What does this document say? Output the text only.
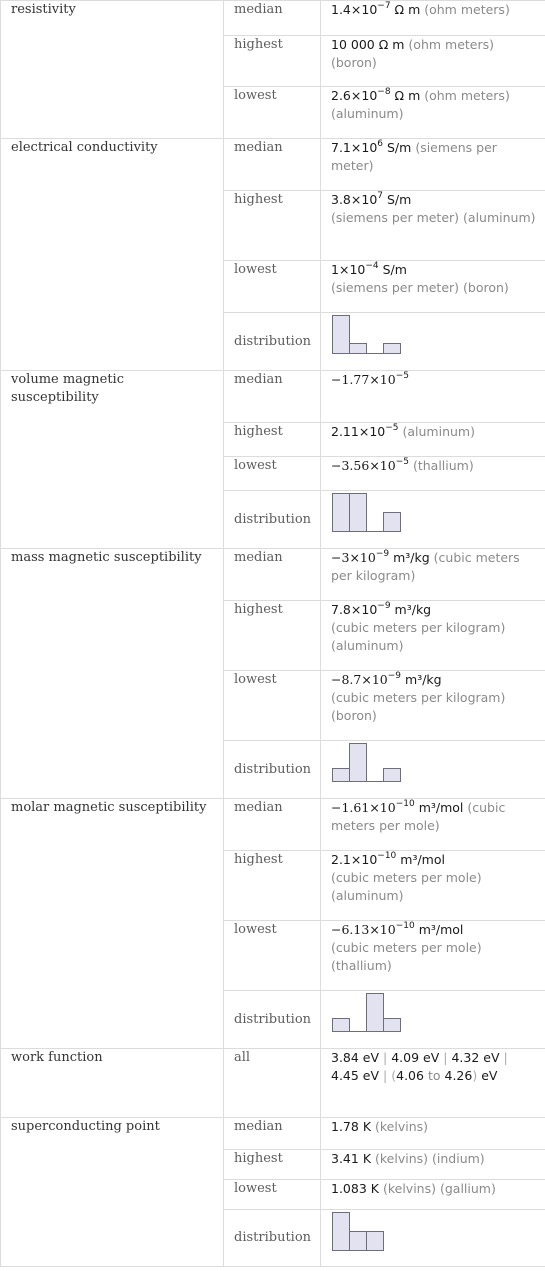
resistivity	median	$1.4\times 10^{-7}$ Ω m (ohm meters)
	highest	10 000 Ω m (ohm meters) (boron)
	lowest	$2.6\times 10^{-8}$ Ω m (ohm meters) (aluminum)
electrical conductivity	median	$7.1\times 10^6$ S/m (siemens per meter)
	highest	$3.8\times 10^7$ S/m
(siemens per meter) (aluminum)
	lowest	$1\times 10^{-4}$ S/m
(siemens per meter) (boron)
	distribution	

volume magnetic susceptibility	median	$-1.77\times 10^{-5}$
	highest	$2.11\times 10^{-5}$ (aluminum)
	lowest	$-3.56\times 10^{-5}$ (thallium)
	distribution	

mass magnetic susceptibility	median	$-3\times 10^{-9}$ m³/kg (cubic meters per kilogram)
	highest	$7.8\times 10^{-9}$ m³/kg
(cubic meters per kilogram) (aluminum)
	lowest	$-8.7\times 10^{-9}$ m³/kg
(cubic meters per kilogram) (boron)
	distribution	

molar magnetic susceptibility	median	$-1.61\times 10^{-10}$ m³/mol (cubic meters per mole)
	highest	$2.1\times 10^{-10}$ m³/mol
(cubic meters per mole) (aluminum)
	lowest	$-6.13\times 10^{-10}$ m³/mol
(cubic meters per mole) (thallium)
	distribution	

work function	all	3.84 eV | 4.09 eV | 4.32 eV | 4.45 eV | (4.06 to 4.26) eV
superconducting point	median	1.78 K (kelvins)
	highest	3.41 K (kelvins) (indium)
	lowest	1.083 K (kelvins) (gallium)
	distribution	
